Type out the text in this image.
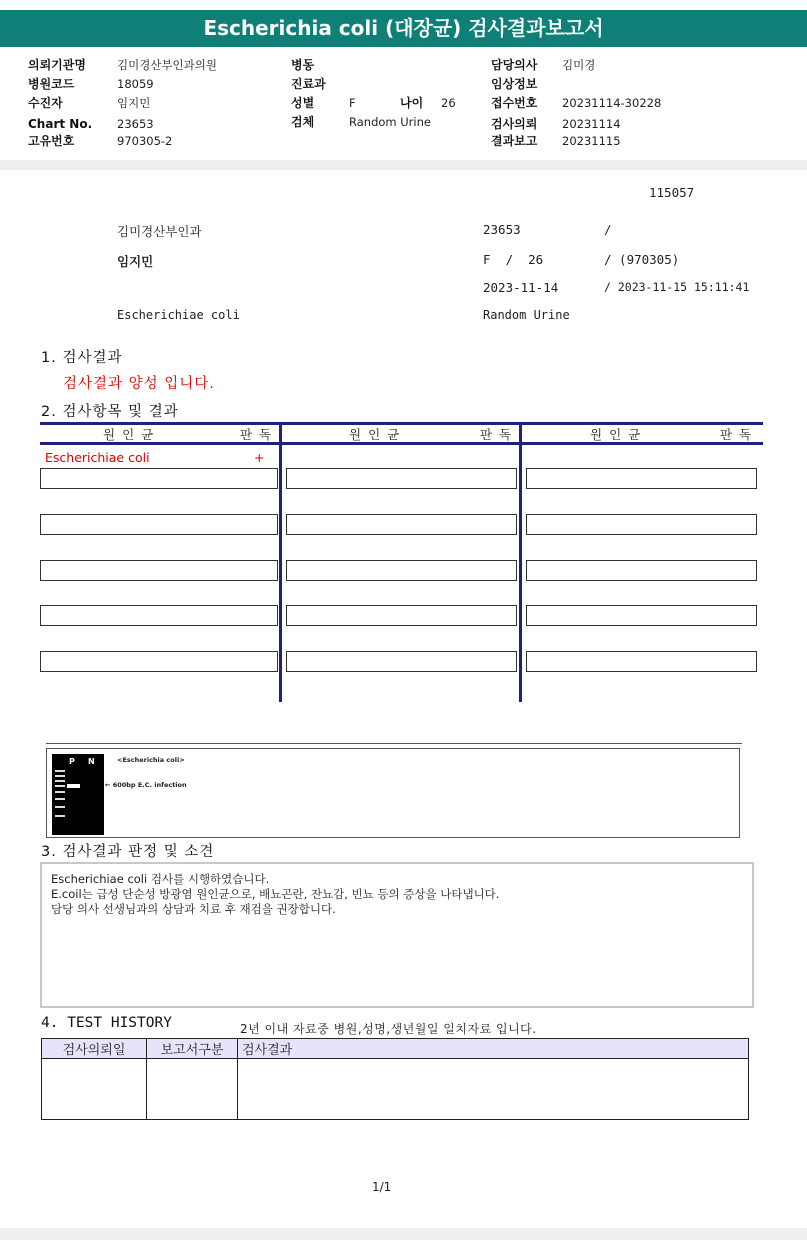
Escherichia coli (대장균) 검사결과보고서
의뢰기관명	김미경산부인과의원
병원코드	18059
수진자	임지민
Chart No. 23653
고유번호	970305-2
병동
진료과
성별	F	나이 26
검체	Random Urine
담당의사 김미경
임상정보
접수번호 20231114-30228
검사의뢰 20231114
결과보고 20231115
115057
김미경산부인과	23653	/
임지민	F  /  26	/ (970305)
2023-11-14	/ 2023-11-15 15:11:41
Escherichiae coli	Random Urine
1. 검사결과
검사결과 양성 입니다.
2. 검사항목 및 결과
원인균	판독	원인균	판독	원인균	판독
Escherichiae coli	+
P N	<Escherichia coli>
← 600bp E.C. infection
3. 검사결과 판정 및 소견
Escherichiae coli 검사를 시행하였습니다.
E.coil는 급성 단순성 방광염 원인균으로, 배뇨곤란, 잔뇨감, 빈뇨 등의 증상을 나타냅니다.
담당 의사 선생님과의 상담과 치료 후 재검을 권장합니다.
4. TEST HISTORY	2년 이내 자료중 병원,성명,생년월일 일치자료 입니다.
검사의뢰일	보고서구분	검사결과

1/1
